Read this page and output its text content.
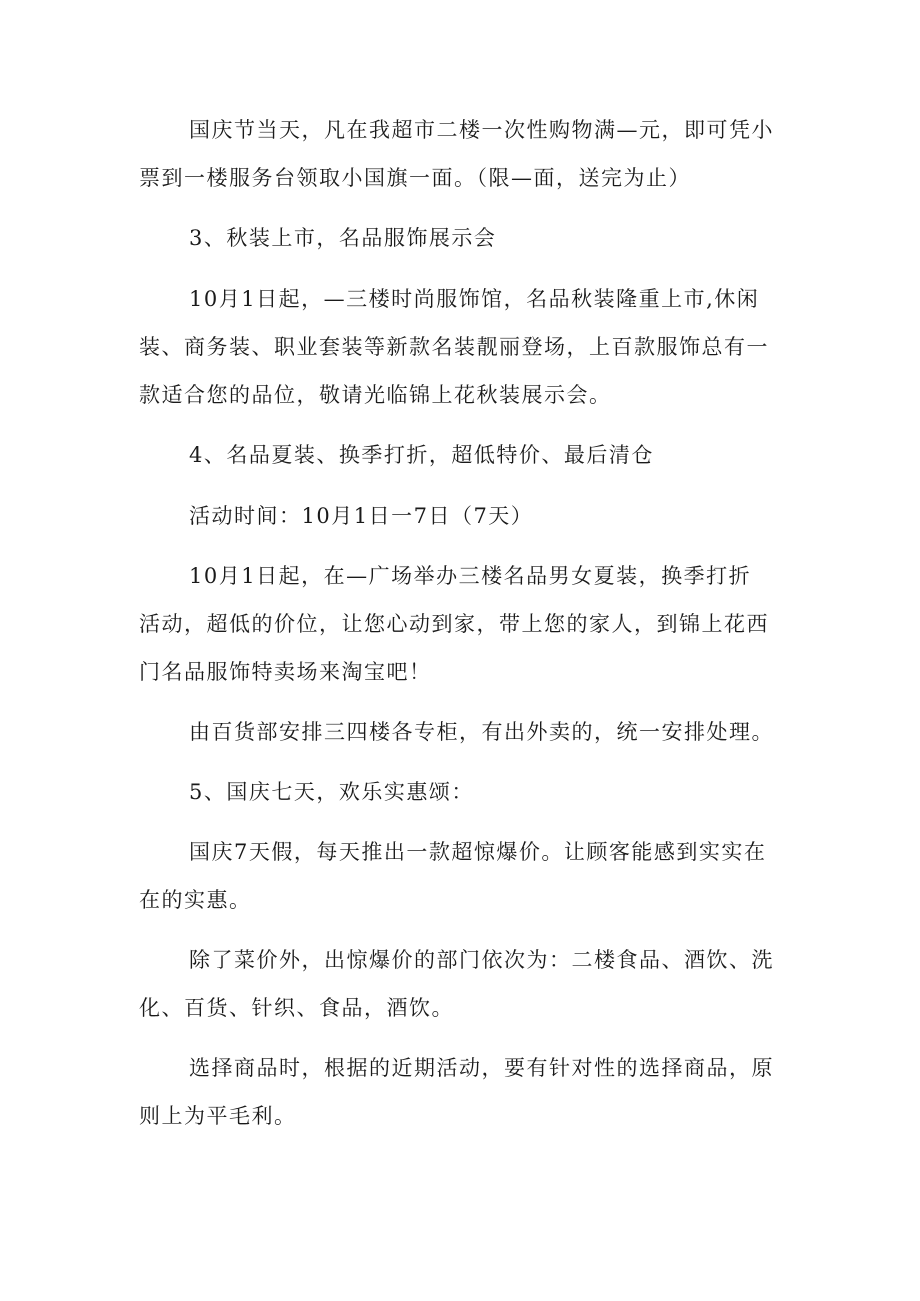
国庆节当天，凡在我超市二楼一次性购物满—元，即可凭小
票到一楼服务台领取小国旗一面。（限—面，送完为止）

3、秋装上市，名品服饰展示会

10月1日起，—三楼时尚服饰馆，名品秋装隆重上市,休闲
装、商务装、职业套装等新款名装靓丽登场，上百款服饰总有一
款适合您的品位，敬请光临锦上花秋装展示会。

4、名品夏装、换季打折，超低特价、最后清仓

活动时间：10月1日一7日（7天）

10月1日起，在—广场举办三楼名品男女夏装，换季打折
活动，超低的价位，让您心动到家，带上您的家人，到锦上花西
门名品服饰特卖场来淘宝吧！

由百货部安排三四楼各专柜，有出外卖的，统一安排处理。

5、国庆七天，欢乐实惠颂：

国庆7天假，每天推出一款超惊爆价。让顾客能感到实实在
在的实惠。

除了菜价外，出惊爆价的部门依次为：二楼食品、酒饮、洗
化、百货、针织、食品，酒饮。

选择商品时，根据的近期活动，要有针对性的选择商品，原
则上为平毛利。
